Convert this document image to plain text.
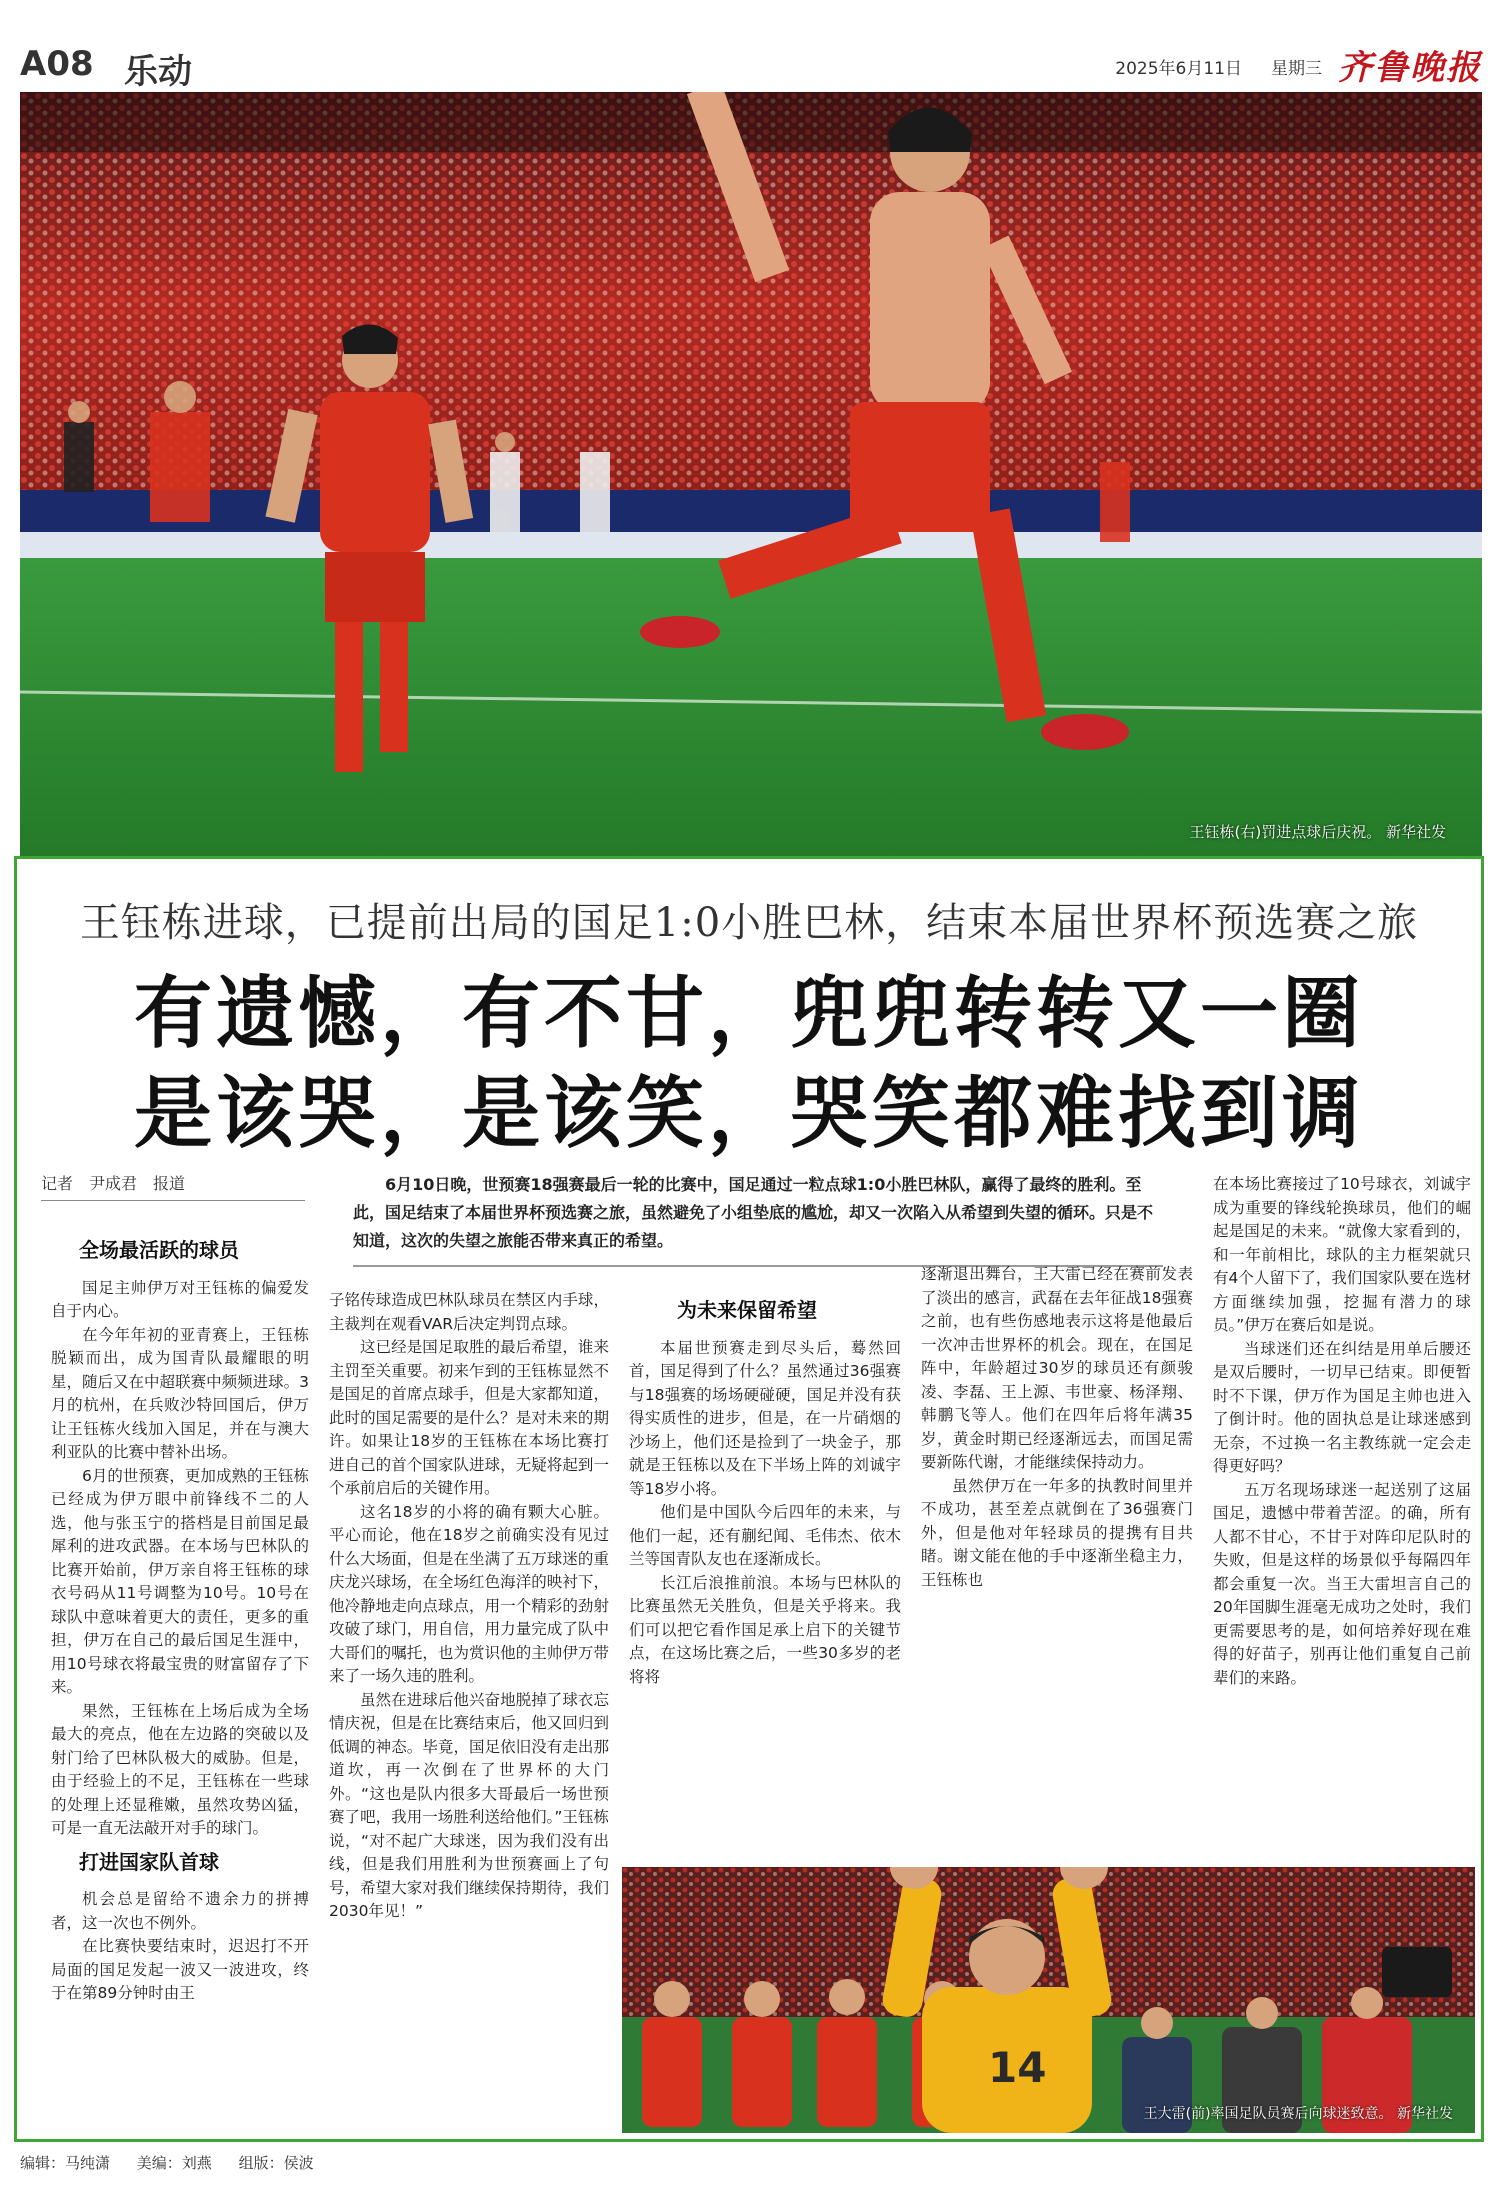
A08 乐动	2025年6月11日 星期三 齐鲁晚报
王钰栋(右)罚进点球后庆祝。 新华社发
王钰栋进球，已提前出局的国足1:0小胜巴林，结束本届世界杯预选赛之旅
有遗憾，有不甘，兜兜转转又一圈
是该哭，是该笑，哭笑都难找到调
记者　尹成君　报道	6月10日晚，世预赛18强赛最后一轮的比赛中，国足通过一粒点球1:0小胜巴林队，赢得了最终的胜利。至此，国足结束了本届世界杯预选赛之旅，虽然避免了小组垫底的尴尬，却又一次陷入从希望到失望的循环。只是不知道，这次的失望之旅能否带来真正的希望。
全场最活跃的球员

国足主帅伊万对王钰栋的偏爱发自于内心。

在今年年初的亚青赛上，王钰栋脱颖而出，成为国青队最耀眼的明星，随后又在中超联赛中频频进球。3月的杭州，在兵败沙特回国后，伊万让王钰栋火线加入国足，并在与澳大利亚队的比赛中替补出场。

6月的世预赛，更加成熟的王钰栋已经成为伊万眼中前锋线不二的人选，他与张玉宁的搭档是目前国足最犀利的进攻武器。在本场与巴林队的比赛开始前，伊万亲自将王钰栋的球衣号码从11号调整为10号。10号在球队中意味着更大的责任，更多的重担，伊万在自己的最后国足生涯中，用10号球衣将最宝贵的财富留存了下来。

果然，王钰栋在上场后成为全场最大的亮点，他在左边路的突破以及射门给了巴林队极大的威胁。但是，由于经验上的不足，王钰栋在一些球的处理上还显稚嫩，虽然攻势凶猛，可是一直无法敲开对手的球门。

打进国家队首球

机会总是留给不遗余力的拼搏者，这一次也不例外。

在比赛快要结束时，迟迟打不开局面的国足发起一波又一波进攻，终于在第89分钟时由王

子铭传球造成巴林队球员在禁区内手球，主裁判在观看VAR后决定判罚点球。

这已经是国足取胜的最后希望，谁来主罚至关重要。初来乍到的王钰栋显然不是国足的首席点球手，但是大家都知道，此时的国足需要的是什么？是对未来的期许。如果让18岁的王钰栋在本场比赛打进自己的首个国家队进球，无疑将起到一个承前启后的关键作用。

这名18岁的小将的确有颗大心脏。平心而论，他在18岁之前确实没有见过什么大场面，但是在坐满了五万球迷的重庆龙兴球场，在全场红色海洋的映衬下，他冷静地走向点球点，用一个精彩的劲射攻破了球门，用自信，用力量完成了队中大哥们的嘱托，也为赏识他的主帅伊万带来了一场久违的胜利。

虽然在进球后他兴奋地脱掉了球衣忘情庆祝，但是在比赛结束后，他又回归到低调的神态。毕竟，国足依旧没有走出那道坎，再一次倒在了世界杯的大门外。“这也是队内很多大哥最后一场世预赛了吧，我用一场胜利送给他们。”王钰栋说，“对不起广大球迷，因为我们没有出线，但是我们用胜利为世预赛画上了句号，希望大家对我们继续保持期待，我们2030年见！”

为未来保留希望

本届世预赛走到尽头后，蓦然回首，国足得到了什么？虽然通过36强赛与18强赛的场场硬碰硬，国足并没有获得实质性的进步，但是，在一片硝烟的沙场上，他们还是捡到了一块金子，那就是王钰栋以及在下半场上阵的刘诚宇等18岁小将。

他们是中国队今后四年的未来，与他们一起，还有蒯纪闻、毛伟杰、依木兰等国青队友也在逐渐成长。

长江后浪推前浪。本场与巴林队的比赛虽然无关胜负，但是关乎将来。我们可以把它看作国足承上启下的关键节点，在这场比赛之后，一些30多岁的老将将

逐渐退出舞台，王大雷已经在赛前发表了淡出的感言，武磊在去年征战18强赛之前，也有些伤感地表示这将是他最后一次冲击世界杯的机会。现在，在国足阵中，年龄超过30岁的球员还有颜骏凌、李磊、王上源、韦世豪、杨泽翔、韩鹏飞等人。他们在四年后将年满35岁，黄金时期已经逐渐远去，而国足需要新陈代谢，才能继续保持动力。

虽然伊万在一年多的执教时间里并不成功，甚至差点就倒在了36强赛门外，但是他对年轻球员的提携有目共睹。谢文能在他的手中逐渐坐稳主力，王钰栋也

在本场比赛接过了10号球衣，刘诚宇成为重要的锋线轮换球员，他们的崛起是国足的未来。“就像大家看到的，和一年前相比，球队的主力框架就只有4个人留下了，我们国家队要在选材方面继续加强，挖掘有潜力的球员。”伊万在赛后如是说。

当球迷们还在纠结是用单后腰还是双后腰时，一切早已结束。即便暂时不下课，伊万作为国足主帅也进入了倒计时。他的固执总是让球迷感到无奈，不过换一名主教练就一定会走得更好吗？

五万名现场球迷一起送别了这届国足，遗憾中带着苦涩。的确，所有人都不甘心，不甘于对阵印尼队时的失败，但是这样的场景似乎每隔四年都会重复一次。当王大雷坦言自己的20年国脚生涯毫无成功之处时，我们更需要思考的是，如何培养好现在难得的好苗子，别再让他们重复自己前辈们的来路。

14
王大雷(前)率国足队员赛后向球迷致意。 新华社发
编辑：马纯潇 美编：刘燕 组版：侯波
